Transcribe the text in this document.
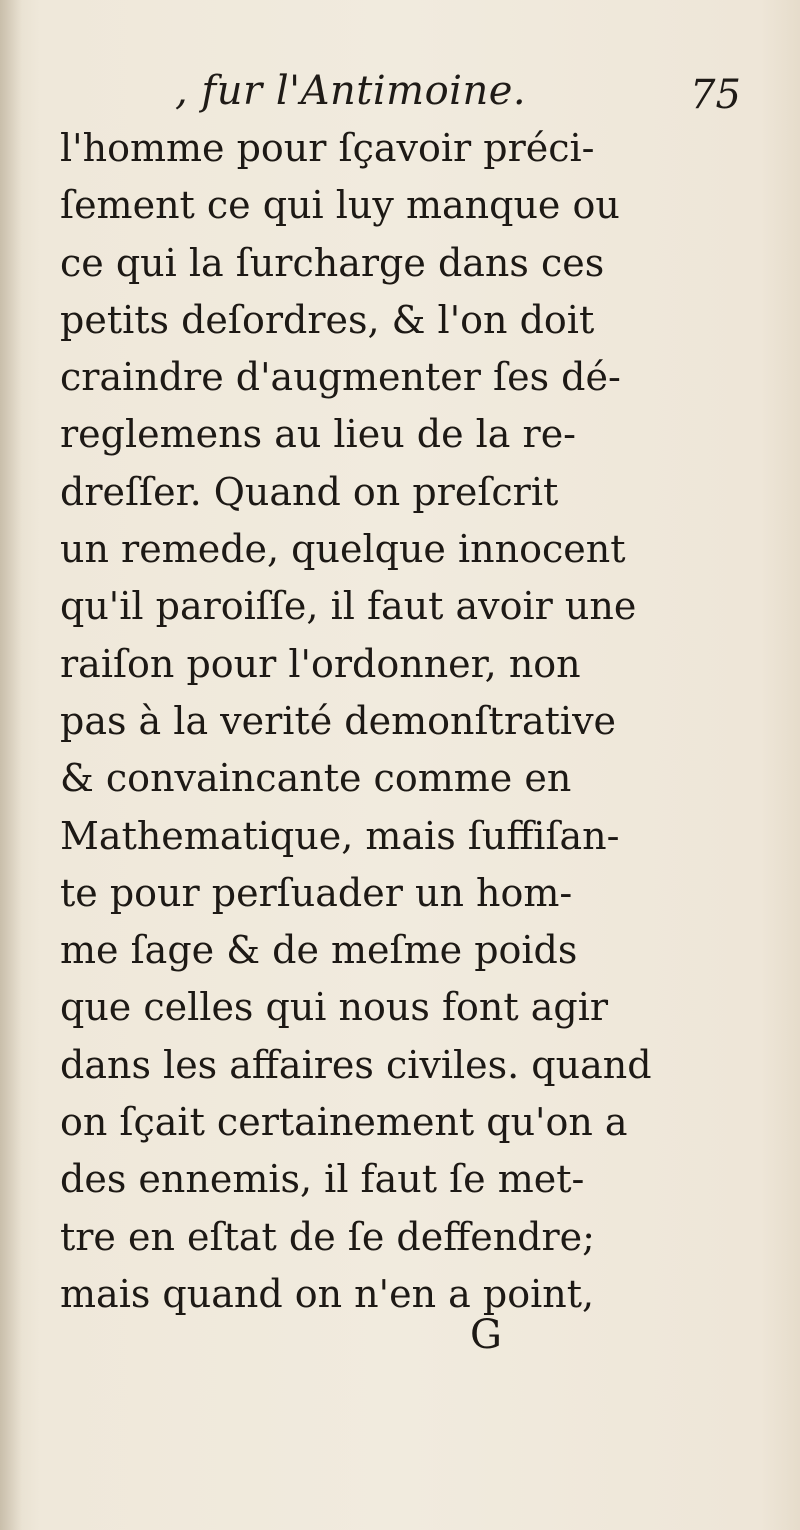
, fur l'Antimoine.	75
l'homme pour ſçavoir préci-
ſement ce qui luy manque ou
ce qui la ſurcharge dans ces
petits deſordres, & l'on doit
craindre d'augmenter ſes dé-
reglemens au lieu de la re-
dreſſer. Quand on preſcrit
un remede, quelque innocent
qu'il paroiſſe, il faut avoir une
raiſon pour l'ordonner, non
pas à la verité demonſtrative
& convaincante comme en
Mathematique, mais ſuffiſan-
te pour perſuader un hom-
me ſage & de meſme poids
que celles qui nous font agir
dans les affaires civiles. quand
on ſçait certainement qu'on a
des ennemis, il faut ſe met-
tre en eſtat de ſe deffendre;
mais quand on n'en a point,
G
